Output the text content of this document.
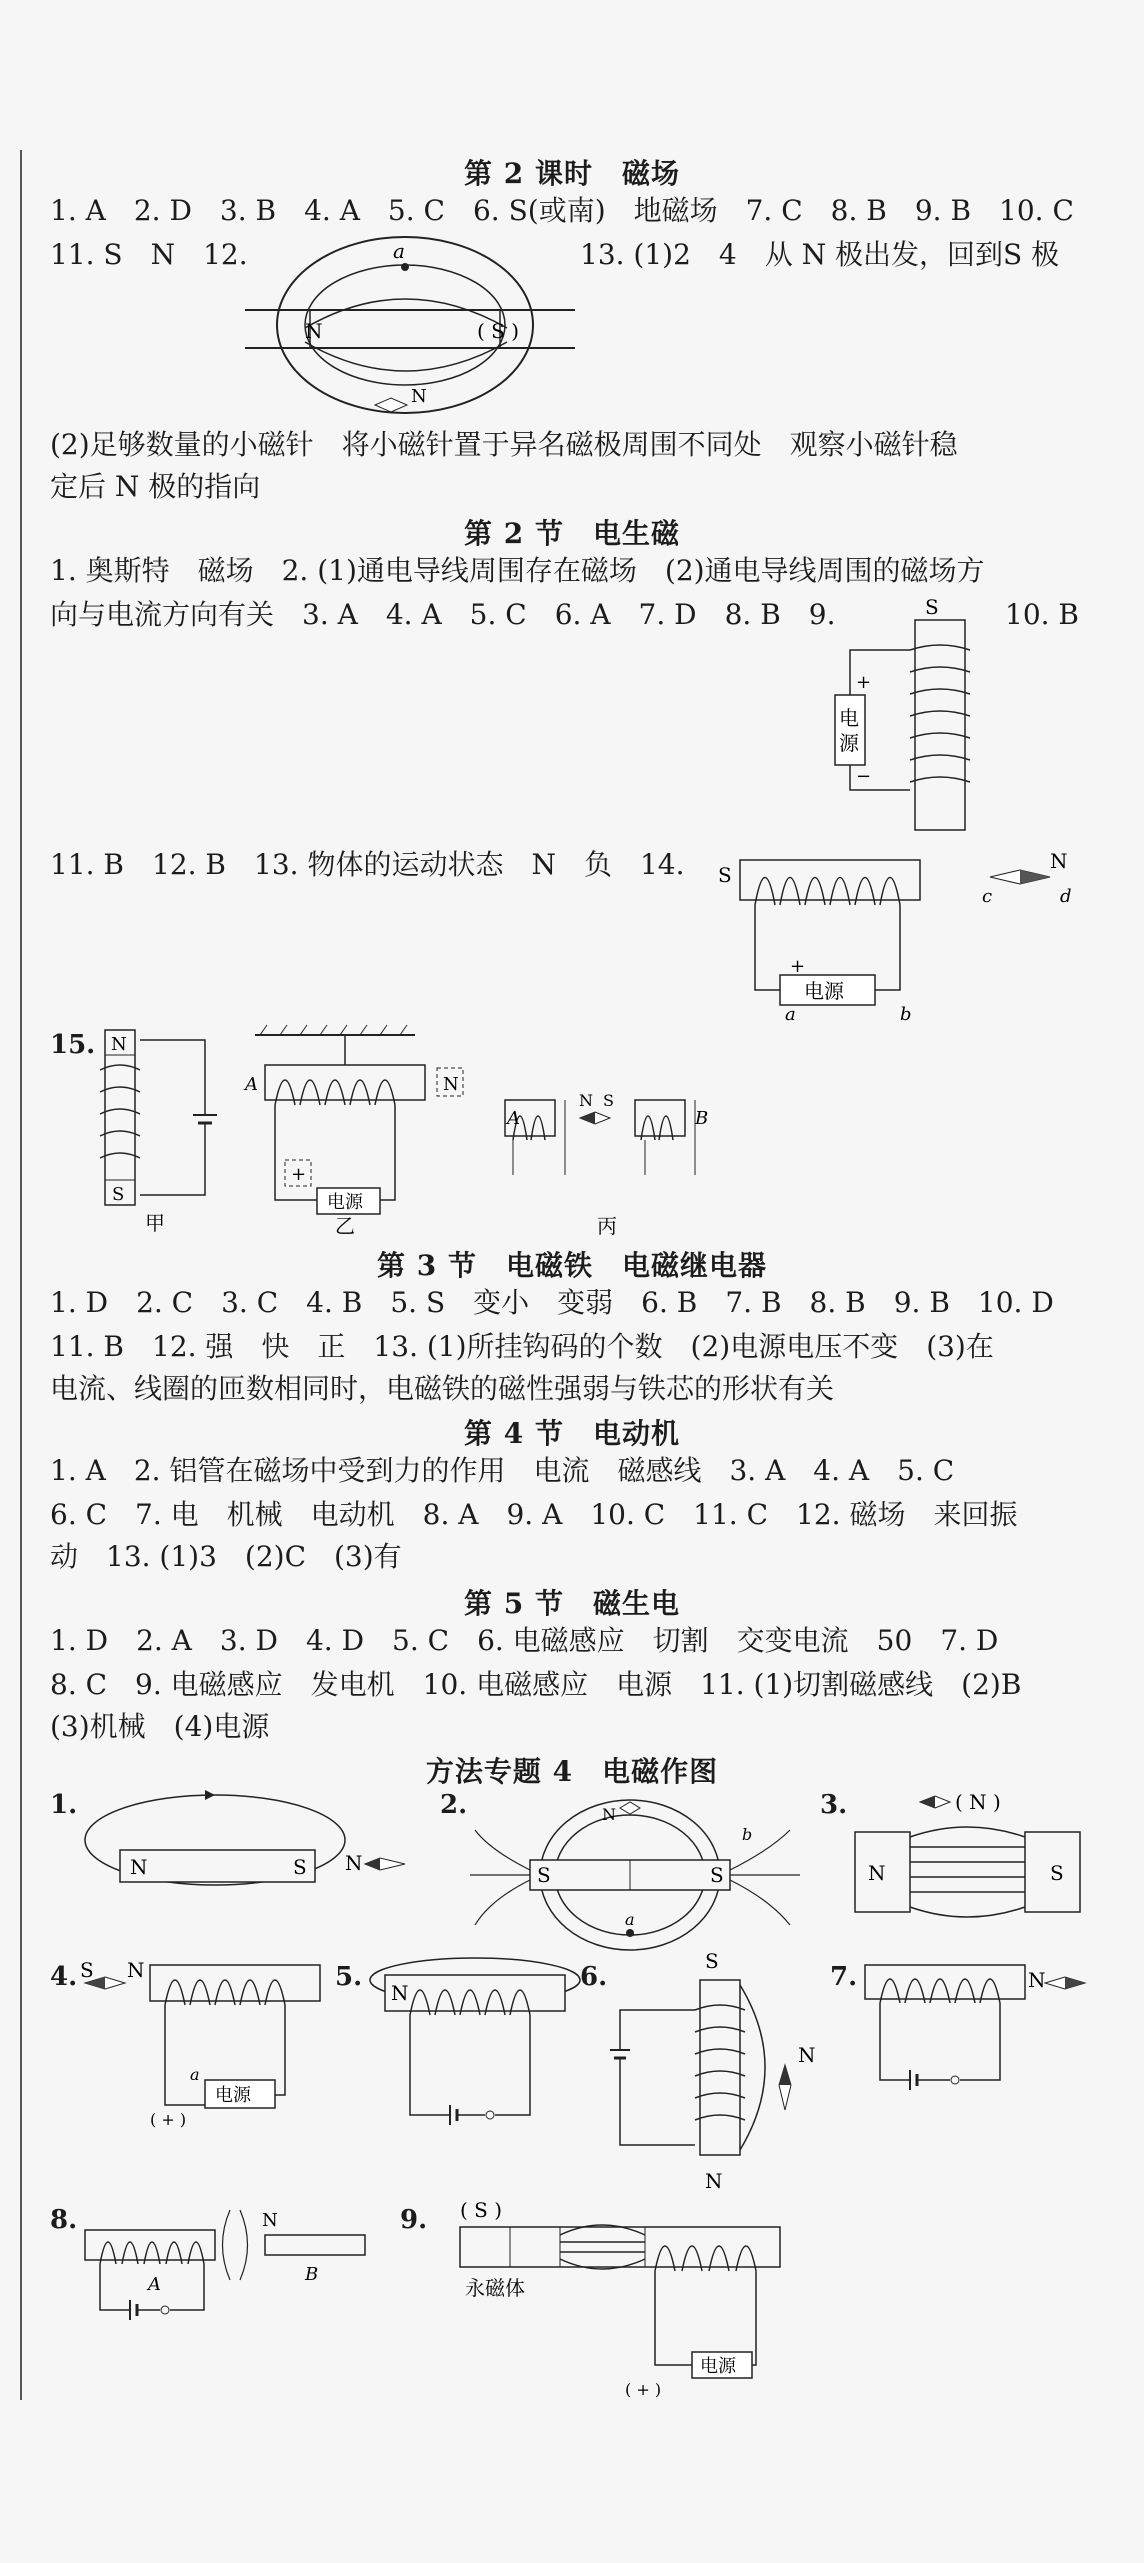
第 2 课时　磁场
1. A　2. D　3. B　4. A　5. C　6. S(或南)　地磁场　7. C　8. B　9. B　10. C
11. S　N　12.	13. (1)2　4　从 N 极出发，回到S 极
a
N	( S )
N
(2)足够数量的小磁针　将小磁针置于异名磁极周围不同处　观察小磁针稳
定后 N 极的指向
第 2 节　电生磁
1. 奥斯特　磁场　2. (1)通电导线周围存在磁场　(2)通电导线周围的磁场方
向与电流方向有关　3. A　4. A　5. C　6. A　7. D　8. B　9.	10. B
S
+
−
电
源
11. B　12. B　13. 物体的运动状态　N　负　14. S
电源
+
a	b
N
c	d
15. N
S
甲
A	N
电源
+
乙
A
N S
B
丙
第 3 节　电磁铁　电磁继电器
1. D　2. C　3. C　4. B　5. S　变小　变弱　6. B　7. B　8. B　9. B　10. D
11. B　12. 强　快　正　13. (1)所挂钩码的个数　(2)电源电压不变　(3)在
电流、线圈的匝数相同时，电磁铁的磁性强弱与铁芯的形状有关
第 4 节　电动机
1. A　2. 铝管在磁场中受到力的作用　电流　磁感线　3. A　4. A　5. C
6. C　7. 电　机械　电动机　8. A　9. A　10. C　11. C　12. 磁场　来回振
动　13. (1)3　(2)C　(3)有
第 5 节　磁生电
1. D　2. A　3. D　4. D　5. C　6. 电磁感应　切割　交变电流　50　7. D
8. C　9. 电磁感应　发电机　10. 电磁感应　电源　11. (1)切割磁感线　(2)B
(3)机械　(4)电源
方法专题 4　电磁作图
1.
N	S N
2.
S	S
N
a
b
3.	( N )
N	S
4. S N
电源
a
( + )
5.
N
6.
S
N
N
7.	N
8.
A
N
B
9. ( S )
永磁体
电源
( + )
